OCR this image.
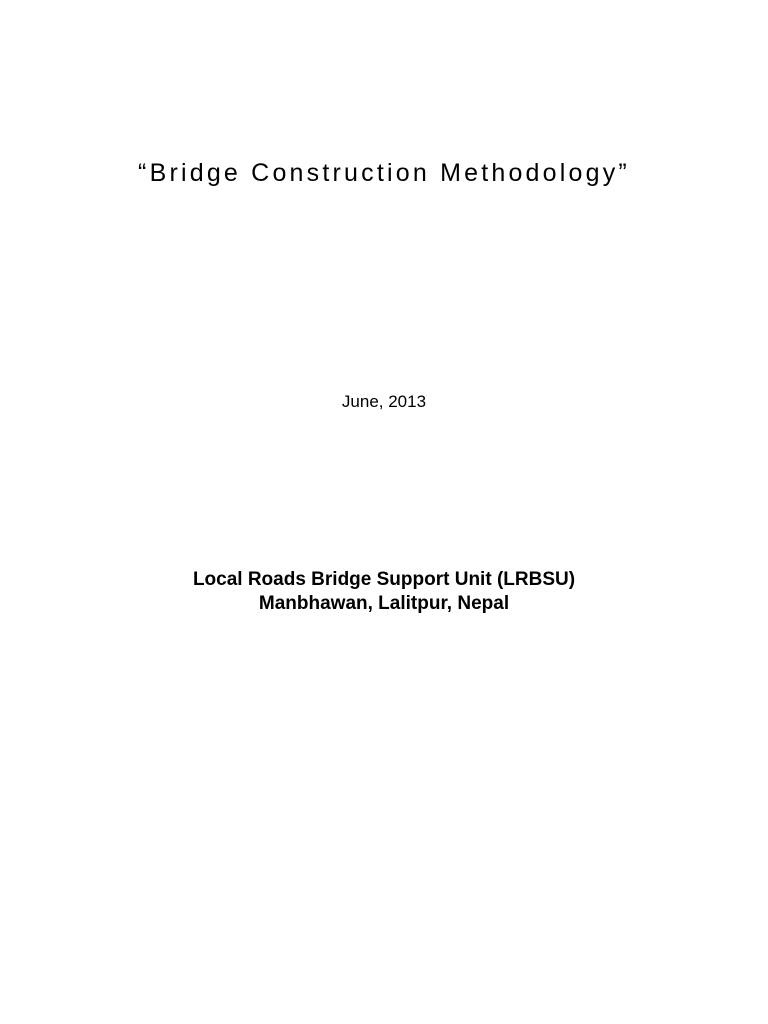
“Bridge Construction Methodology”
June, 2013
Local Roads Bridge Support Unit (LRBSU)
Manbhawan, Lalitpur, Nepal
